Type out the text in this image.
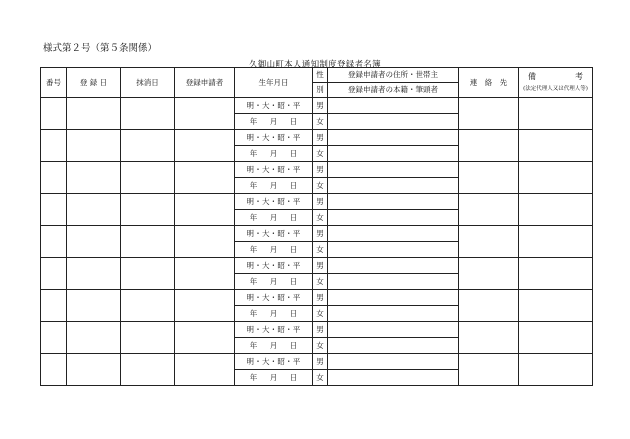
様式第２号（第５条関係）
久御山町本人通知制度登録者名簿
番号	登 録 日	抹消日	登録申請者	生年月日	性	登録申請者の住所・世帯主	連　絡　先	備 考
(法定代理人又は代理人等)

					別	登録申請者の本籍・筆頭者		
				明・大・昭・平	男			
				年 月 日	女			
				明・大・昭・平	男			
				年 月 日	女			
				明・大・昭・平	男			
				年 月 日	女			
				明・大・昭・平	男			
				年 月 日	女			
				明・大・昭・平	男			
				年 月 日	女			
				明・大・昭・平	男			
				年 月 日	女			
				明・大・昭・平	男			
				年 月 日	女			
				明・大・昭・平	男			
				年 月 日	女			
				明・大・昭・平	男			
				年 月 日	女			
